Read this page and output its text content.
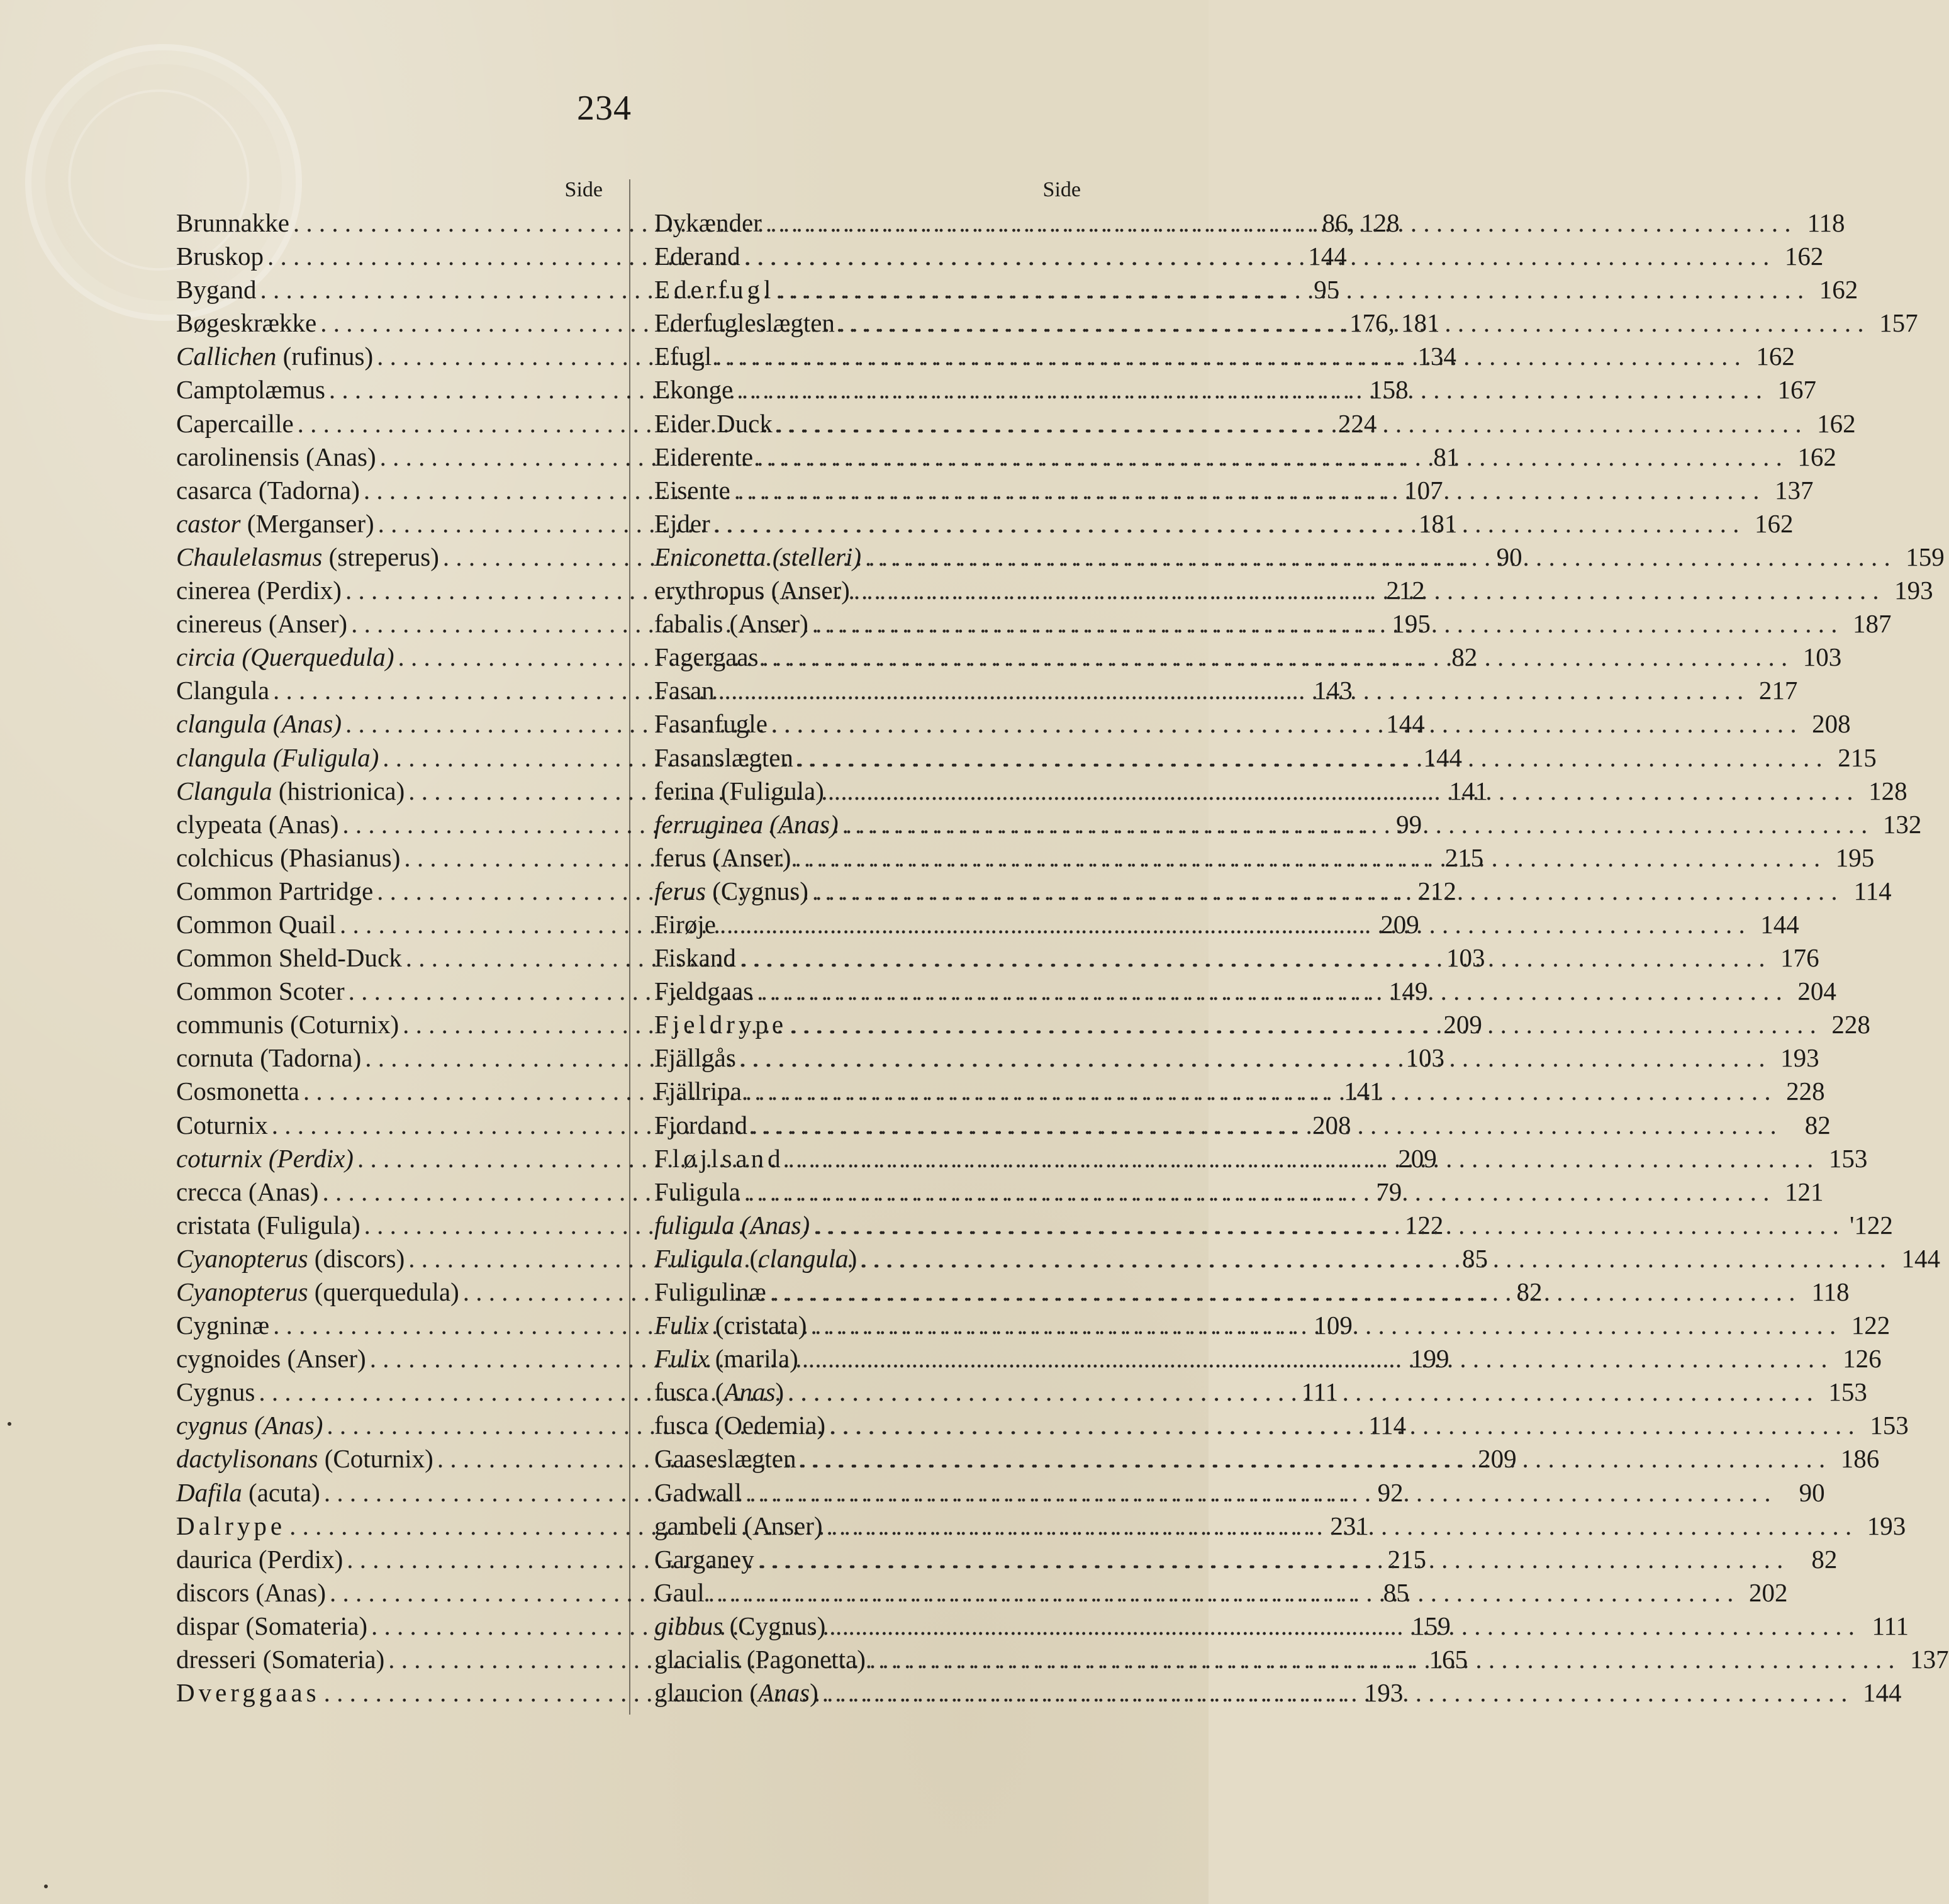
234
Side
Brunnakke . . .	86, 128
Bruskop . . .	144
Bygand . . .	95
Bøgeskrække . . .	176, 181
Callichen (rufinus) . . .	134
Camptolæmus . . .	158
Capercaille . . .	224
carolinensis (Anas) . . .	81
casarca (Tadorna) . . .	107
castor (Merganser) . . .	181
Chaulelasmus (streperus) . . .	90
cinerea (Perdix) . . .	212
cinereus (Anser) . . .	195
circia (Querquedula) . . .	82
Clangula . . .	143
clangula (Anas) . . .	144
clangula (Fuligula) . . .	144
Clangula (histrionica) . . .	141
clypeata (Anas) . . .	99
colchicus (Phasianus) . . .	215
Common Partridge . . .	212
Common Quail . . .	209
Common Sheld-Duck . . .	103
Common Scoter . . .	149
communis (Coturnix) . . .	209
cornuta (Tadorna) . . .	103
Cosmonetta . . .	141
Coturnix . . .	208
coturnix (Perdix) . . .	209
crecca (Anas) . . .	79
cristata (Fuligula) . . .	122
Cyanopterus (discors) . . .	85
Cyanopterus (querquedula) . . .	82
Cygninæ . . .	109
cygnoides (Anser) . . .	199
Cygnus . . .	111
cygnus (Anas) . . .	114
dactylisonans (Coturnix) . . .	209
Dafila (acuta) . . .	92
Dalrype . . .	231
daurica (Perdix) . . .	215
discors (Anas) . . .	85
dispar (Somateria) . . .	159
dresseri (Somateria) . . .	165
Dverggaas . . .	193
Side
Dykænder . . .	118
Ederand . . .	162
Ederfugl . . .	162
Ederfugleslægten . . .	157
Efugl . . .	162
Ekonge . . .	167
Eider Duck . . .	162
Eiderente . . .	162
Eisente . . .	137
Ejder . . .	162
Eniconetta (stelleri) . . .	159
erythropus (Anser) . . .	193
fabalis (Anser) . . .	187
Fagergaas . . .	103
Fasan . . .	217
Fasanfugle . . .	208
Fasanslægten . . .	215
ferina (Fuligula) . . .	128
ferruginea (Anas) . . .	132
ferus (Anser) . . .	195
ferus (Cygnus) . . .	114
Firøje . . .	144
Fiskand . . .	176
Fjeldgaas . . .	204
Fjeldrype . . .	228
Fjällgås . . .	193
Fjällripa . . .	228
Fjordand . . .	82
Fløjlsand . . .	153
Fuligula . . .	121
fuligula (Anas) . . .	'122
Fuligula (clangula) . . .	144
Fuligulinæ . . .	118
Fulix (cristata) . . .	122
Fulix (marila) . . .	126
fusca (Anas) . . .	153
fusca (Oedemia) . . .	153
Gaaseslægten . . .	186
Gadwall . . .	90
gambeli (Anser) . . .	193
Garganey . . .	82
Gaul . . .	202
gibbus (Cygnus) . . .	111
glacialis (Pagonetta) . . .	137
glaucion (Anas) . . .	144
